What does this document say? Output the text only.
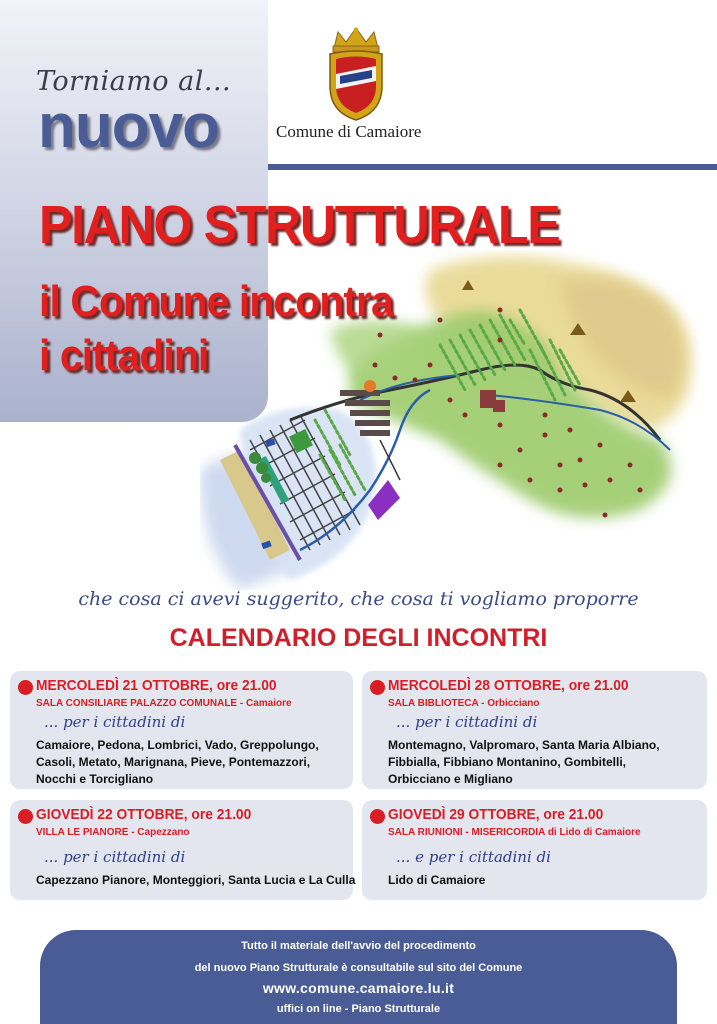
Torniamo al...
nuovo	Comune di Camaiore
PIANO STRUTTURALE
il Comune incontra
i cittadini
che cosa ci avevi suggerito, che cosa ti vogliamo proporre
CALENDARIO DEGLI INCONTRI
MERCOLEDÌ 21 OTTOBRE, ore 21.00
SALA CONSILIARE PALAZZO COMUNALE - Camaiore
... per i cittadini di
Camaiore, Pedona, Lombrici, Vado, Greppolungo,
Casoli, Metato, Marignana, Pieve, Pontemazzori,
Nocchi e Torcigliano
MERCOLEDÌ 28 OTTOBRE, ore 21.00
SALA BIBLIOTECA - Orbicciano
... per i cittadini di
Montemagno, Valpromaro, Santa Maria Albiano,
Fibbialla, Fibbiano Montanino, Gombitelli,
Orbicciano e Migliano
GIOVEDÌ 22 OTTOBRE, ore 21.00
VILLA LE PIANORE - Capezzano
... per i cittadini di
Capezzano Pianore, Monteggiori, Santa Lucia e La Culla
GIOVEDÌ 29 OTTOBRE, ore 21.00
SALA RIUNIONI - MISERICORDIA di Lido di Camaiore
... e per i cittadini di
Lido di Camaiore
Tutto il materiale dell'avvio del procedimento
del nuovo Piano Strutturale è consultabile sul sito del Comune
www.comune.camaiore.lu.it
uffici on line - Piano Strutturale
